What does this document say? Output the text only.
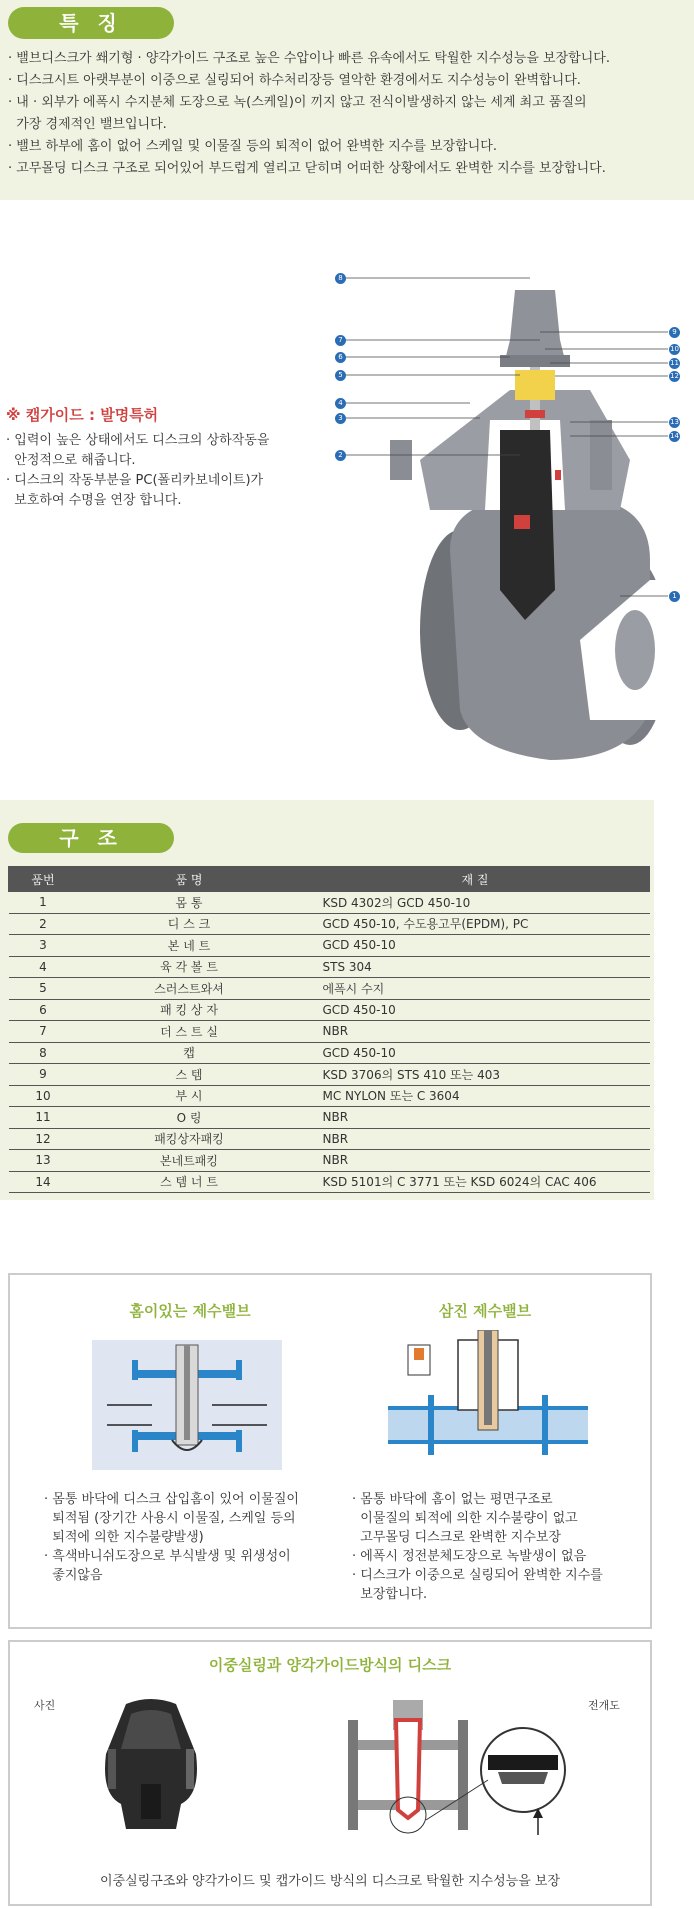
특 징
· 밸브디스크가 쐐기형 · 양각가이드 구조로 높은 수압이나 빠른 유속에서도 탁월한 지수성능을 보장합니다.
· 디스크시트 아랫부분이 이중으로 실링되어 하수처리장등 열악한 환경에서도 지수성능이 완벽합니다.
· 내 · 외부가 에폭시 수지분체 도장으로 녹(스케일)이 끼지 않고 전식이발생하지 않는 세계 최고 품질의
가장 경제적인 밸브입니다.
· 밸브 하부에 홈이 없어 스케일 및 이물질 등의 퇴적이 없어 완벽한 지수를 보장합니다.
· 고무몰딩 디스크 구조로 되어있어 부드럽게 열리고 닫히며 어떠한 상황에서도 완벽한 지수를 보장합니다.
※ 캡가이드 : 발명특허
· 입력이 높은 상태에서도 디스크의 상하작동을
안정적으로 해줍니다.
· 디스크의 작동부분을 PC(폴리카보네이트)가
보호하여 수명을 연장 합니다.
8
7
6
5
4
3
2
1
9
10
11
12
13
14
구 조
품번	품 명	재 질
1	몸 통	KSD 4302의 GCD 450-10
2	디 스 크	GCD 450-10, 수도용고무(EPDM), PC
3	본 네 트	GCD 450-10
4	육 각 볼 트	STS 304
5	스러스트와셔	에폭시 수지
6	패 킹 상 자	GCD 450-10
7	더 스 트 실	NBR
8	캡	GCD 450-10
9	스 템	KSD 3706의 STS 410 또는 403
10	부 시	MC NYLON 또는 C 3604
11	O 링	NBR
12	패킹상자패킹	NBR
13	본네트패킹	NBR
14	스 템 너 트	KSD 5101의 C 3771 또는 KSD 6024의 CAC 406
홈이있는 제수밸브	삼진 제수밸브
· 몸통 바닥에 디스크 삽입홈이 있어 이물질이
퇴적됨 (장기간 사용시 이물질, 스케일 등의
퇴적에 의한 지수불량발생)
· 흑색바니쉬도장으로 부식발생 및 위생성이
좋지않음
· 몸통 바닥에 홈이 없는 평면구조로
이물질의 퇴적에 의한 지수불량이 없고
고무몰딩 디스크로 완벽한 지수보장
· 에폭시 정전분체도장으로 녹발생이 없음
· 디스크가 이중으로 실링되어 완벽한 지수를
보장합니다.
이중실링과 양각가이드방식의 디스크
사진	전개도
이중실링구조와 양각가이드 및 캡가이드 방식의 디스크로 탁월한 지수성능을 보장
